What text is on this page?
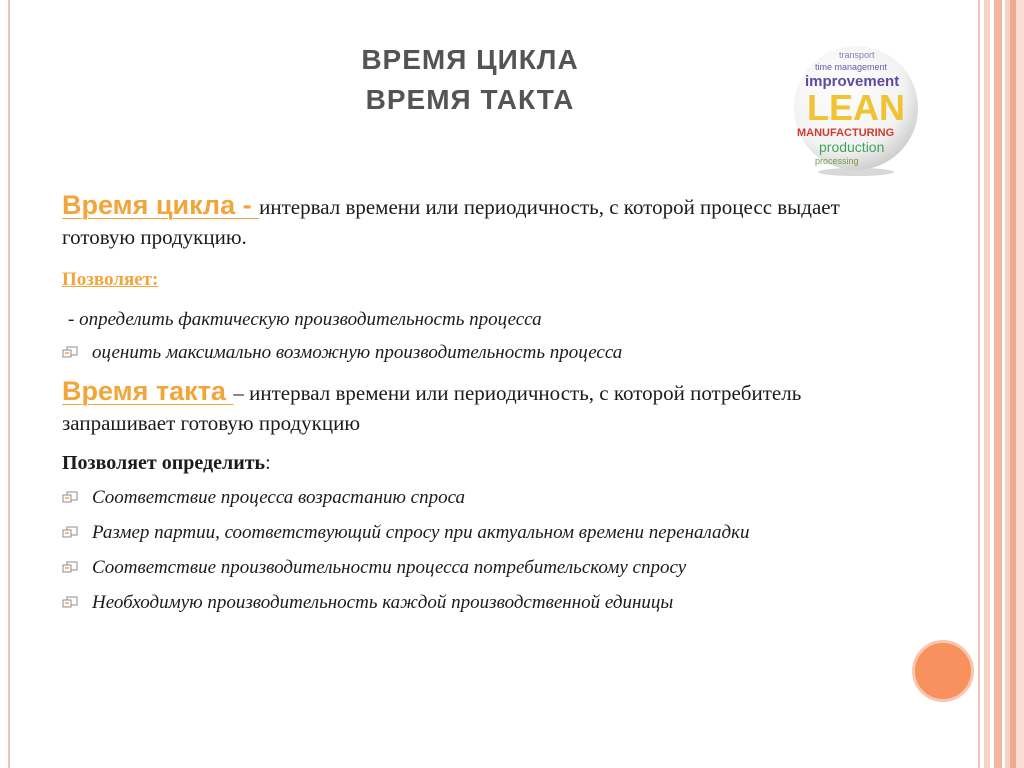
ВРЕМЯ ЦИКЛА
ВРЕМЯ ТАКТА
transport
time management
improvement
LEAN
MANUFACTURING
production
processing

Время цикла - интервал времени или периодичность, с которой процесс выдает готовую продукцию.

Позволяет:
- определить фактическую производительность процесса
оценить максимально возможную производительность процесса

Время такта – интервал времени или периодичность, с которой потребитель запрашивает готовую продукцию

Позволяет определить:
Соответствие процесса возрастанию спроса
Размер партии, соответствующий спросу при актуальном времени переналадки
Соответствие производительности процесса потребительскому спросу
Необходимую производительность каждой производственной единицы
